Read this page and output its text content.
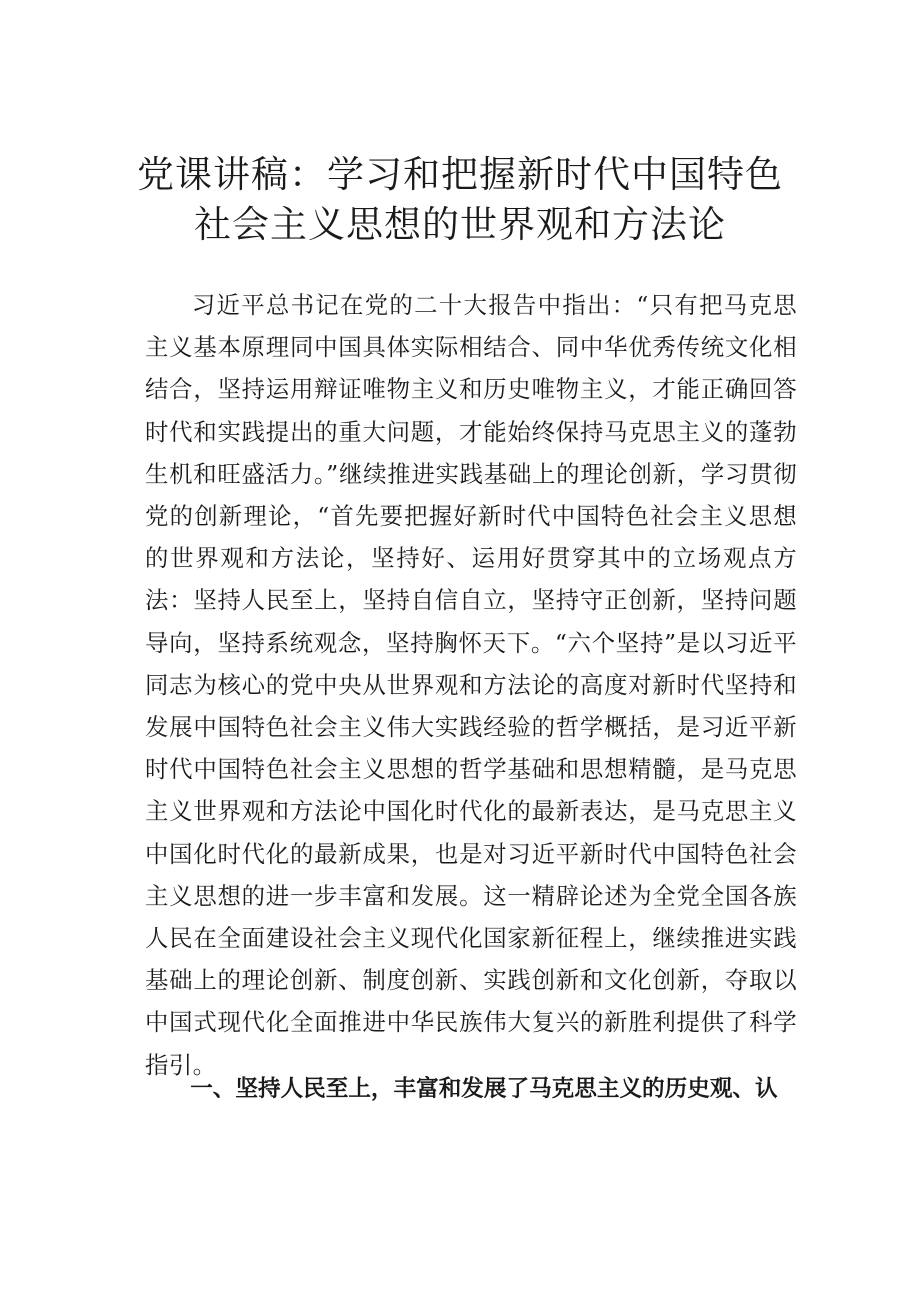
党课讲稿：学习和把握新时代中国特色
社会主义思想的世界观和方法论

习近平总书记在党的二十大报告中指出：“只有把马克思主义基本原理同中国具体实际相结合、同中华优秀传统文化相结合，坚持运用辩证唯物主义和历史唯物主义，才能正确回答时代和实践提出的重大问题，才能始终保持马克思主义的蓬勃生机和旺盛活力。”继续推进实践基础上的理论创新，学习贯彻党的创新理论，“首先要把握好新时代中国特色社会主义思想的世界观和方法论，坚持好、运用好贯穿其中的立场观点方法：坚持人民至上，坚持自信自立，坚持守正创新，坚持问题导向，坚持系统观念，坚持胸怀天下。“六个坚持”是以习近平同志为核心的党中央从世界观和方法论的高度对新时代坚持和发展中国特色社会主义伟大实践经验的哲学概括，是习近平新时代中国特色社会主义思想的哲学基础和思想精髓，是马克思主义世界观和方法论中国化时代化的最新表达，是马克思主义中国化时代化的最新成果，也是对习近平新时代中国特色社会主义思想的进一步丰富和发展。这一精辟论述为全党全国各族人民在全面建设社会主义现代化国家新征程上，继续推进实践基础上的理论创新、制度创新、实践创新和文化创新，夺取以中国式现代化全面推进中华民族伟大复兴的新胜利提供了科学指引。

一、坚持人民至上，丰富和发展了马克思主义的历史观、认
